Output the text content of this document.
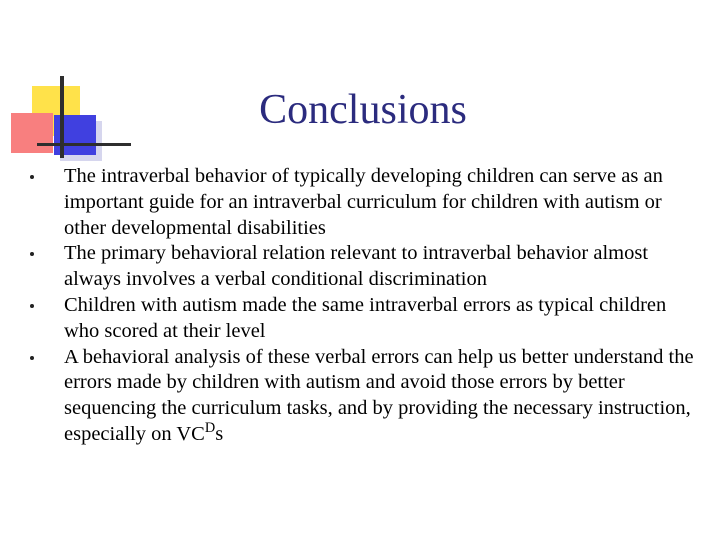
Conclusions
The intraverbal behavior of typically developing children can serve as an important guide for an intraverbal curriculum for children with autism or other developmental disabilities
The primary behavioral relation relevant to intraverbal behavior almost always involves a verbal conditional discrimination
Children with autism made the same intraverbal errors as typical children who scored at their level
A behavioral analysis of these verbal errors can help us better understand the errors made by children with autism and avoid those errors by better sequencing the curriculum tasks, and by providing the necessary instruction, especially on $VC^Ds$
